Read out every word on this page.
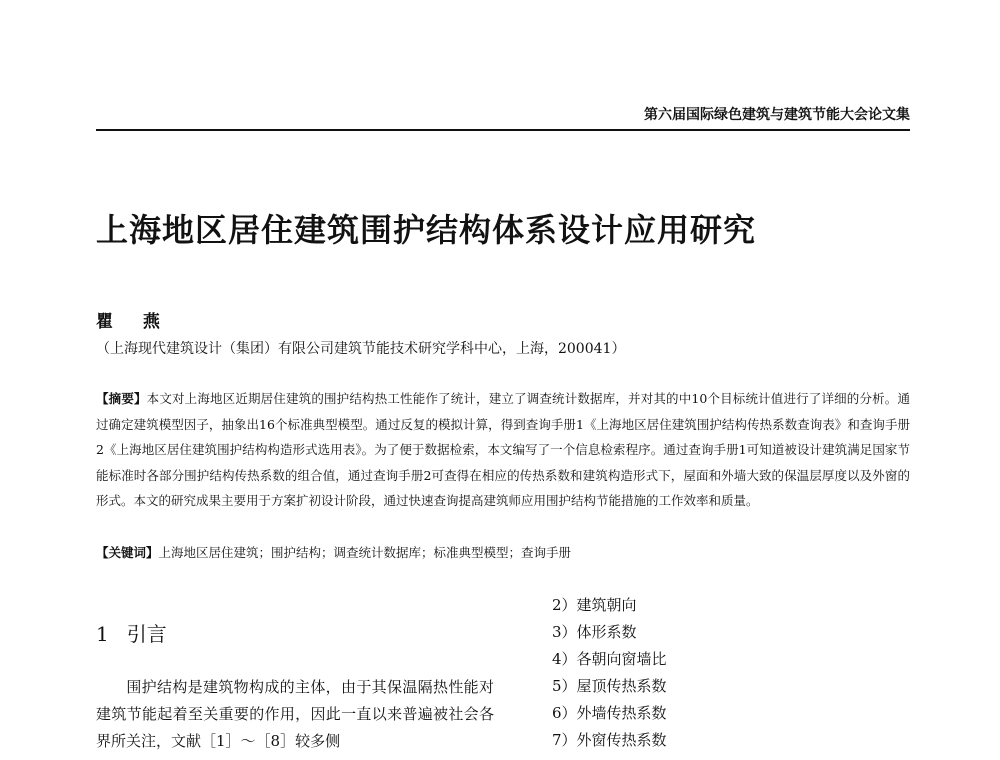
第六届国际绿色建筑与建筑节能大会论文集
上海地区居住建筑围护结构体系设计应用研究
瞿 燕
（上海现代建筑设计（集团）有限公司建筑节能技术研究学科中心，上海，200041）
【摘要】本文对上海地区近期居住建筑的围护结构热工性能作了统计，建立了调查统计数据库，并对其的中10个目标统计值进行了详细的分析。通过确定建筑模型因子，抽象出16个标准典型模型。通过反复的模拟计算，得到查询手册1《上海地区居住建筑围护结构传热系数查询表》和查询手册2《上海地区居住建筑围护结构构造形式选用表》。为了便于数据检索，本文编写了一个信息检索程序。通过查询手册1可知道被设计建筑满足国家节能标准时各部分围护结构传热系数的组合值，通过查询手册2可查得在相应的传热系数和建筑构造形式下，屋面和外墙大致的保温层厚度以及外窗的形式。本文的研究成果主要用于方案扩初设计阶段，通过快速查询提高建筑师应用围护结构节能措施的工作效率和质量。
【关键词】上海地区居住建筑；围护结构；调查统计数据库；标准典型模型；查询手册
1 引言
围护结构是建筑物构成的主体，由于其保温隔热性能对建筑节能起着至关重要的作用，因此一直以来普遍被社会各界所关注，文献［1］～［8］较多侧
2）建筑朝向
3）体形系数
4）各朝向窗墙比
5）屋顶传热系数
6）外墙传热系数
7）外窗传热系数
